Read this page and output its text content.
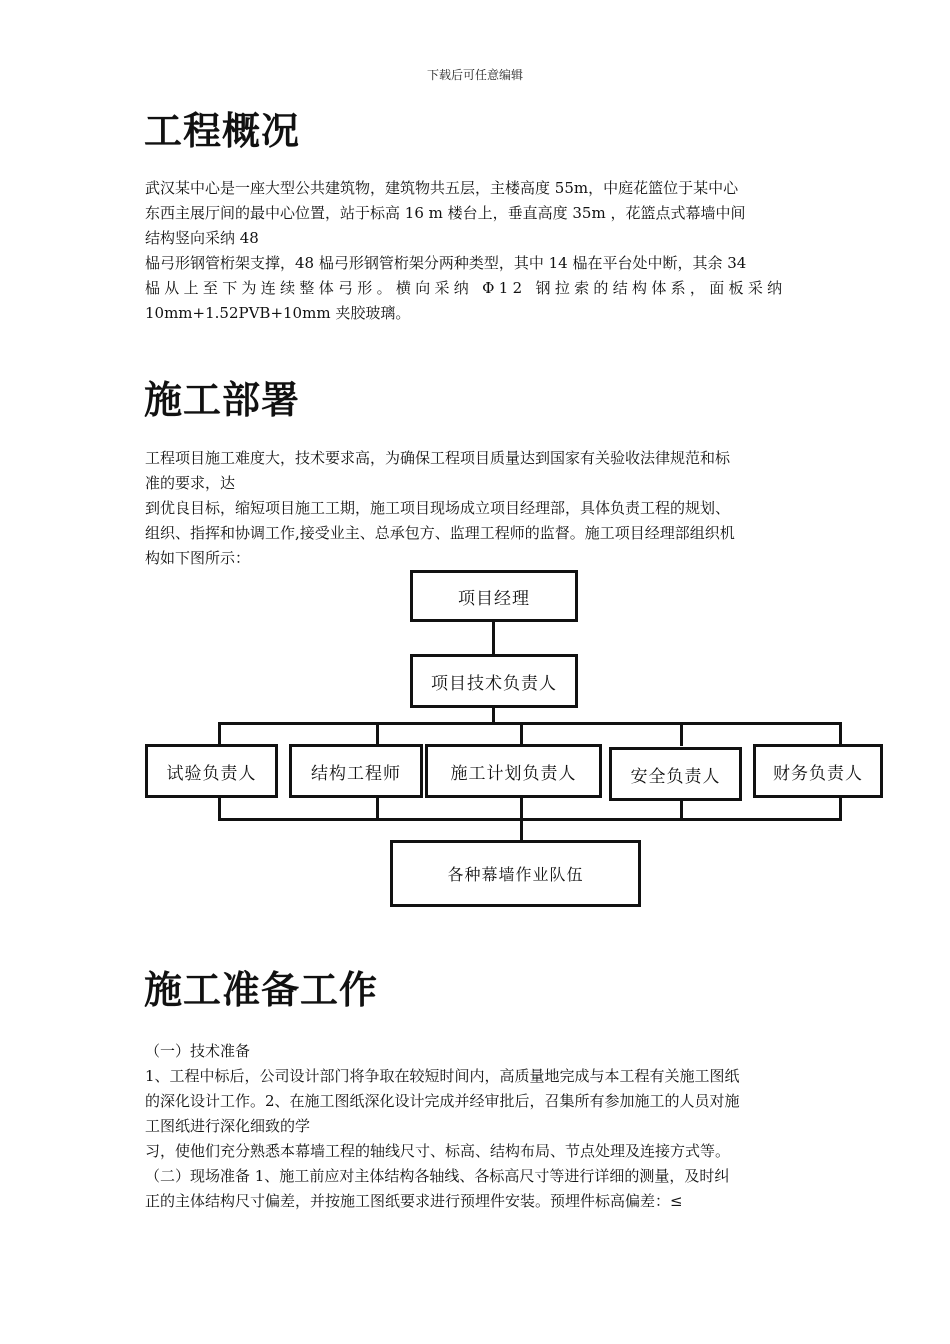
下载后可任意编辑
工程概况

武汉某中心是一座大型公共建筑物，建筑物共五层，主楼高度 55m，中庭花篮位于某中心

东西主展厅间的最中心位置，站于标高 16 m 楼台上，垂直高度 35m ，花篮点式幕墙中间

结构竖向采纳 48

榀弓形钢管桁架支撑，48 榀弓形钢管桁架分两种类型，其中 14 榀在平台处中断，其余 34

榀从上至下为连续整体弓形。横向采纳 Φ12 钢拉索的结构体系，面板采纳

10mm+1.52PVB+10mm 夹胶玻璃。

施工部署

工程项目施工难度大，技术要求高，为确保工程项目质量达到国家有关验收法律规范和标

准的要求，达

到优良目标，缩短项目施工工期，施工项目现场成立项目经理部，具体负责工程的规划、

组织、指挥和协调工作,接受业主、总承包方、监理工程师的监督。施工项目经理部组织机

构如下图所示：

项目经理
项目技术负责人
试验负责人	结构工程师	施工计划负责人	安全负责人	财务负责人
各种幕墙作业队伍
施工准备工作

（一）技术准备

1、工程中标后，公司设计部门将争取在较短时间内，高质量地完成与本工程有关施工图纸

的深化设计工作。2、在施工图纸深化设计完成并经审批后，召集所有参加施工的人员对施

工图纸进行深化细致的学

习，使他们充分熟悉本幕墙工程的轴线尺寸、标高、结构布局、节点处理及连接方式等。

（二）现场准备 1、施工前应对主体结构各轴线、各标高尺寸等进行详细的测量，及时纠

正的主体结构尺寸偏差，并按施工图纸要求进行预埋件安装。预埋件标高偏差：≤
